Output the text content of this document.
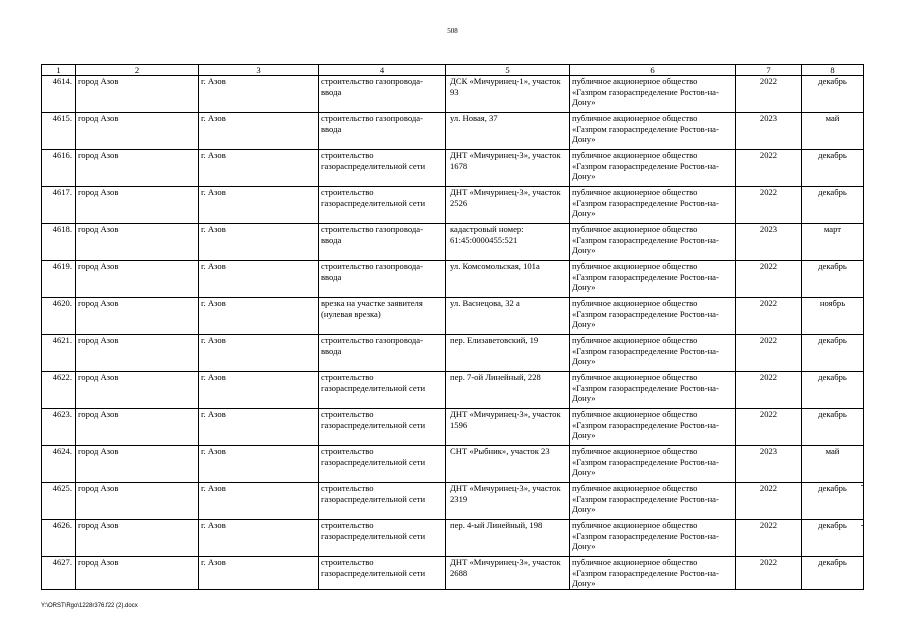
508
1	2	3	4	5	6	7	8
4614.	город Азов	г. Азов	строительство газопровода-ввода	ДСК «Мичуринец-1», участок 93	публичное акционерное общество «Газпром газораспределение Ростов-на-Дону»	2022	декабрь
4615.	город Азов	г. Азов	строительство газопровода-ввода	ул. Новая, 37	публичное акционерное общество «Газпром газораспределение Ростов-на-Дону»	2023	май
4616.	город Азов	г. Азов	строительство газораспределительной сети	ДНТ «Мичуринец-3», участок 1678	публичное акционерное общество «Газпром газораспределение Ростов-на-Дону»	2022	декабрь
4617.	город Азов	г. Азов	строительство газораспределительной сети	ДНТ «Мичуринец-3», участок 2526	публичное акционерное общество «Газпром газораспределение Ростов-на-Дону»	2022	декабрь
4618.	город Азов	г. Азов	строительство газопровода-ввода	кадастровый номер: 61:45:0000455:521	публичное акционерное общество «Газпром газораспределение Ростов-на-Дону»	2023	март
4619.	город Азов	г. Азов	строительство газопровода-ввода	ул. Комсомольская, 101а	публичное акционерное общество «Газпром газораспределение Ростов-на-Дону»	2022	декабрь
4620.	город Азов	г. Азов	врезка на участке заявителя (нулевая врезка)	ул. Васнецова, 32 а	публичное акционерное общество «Газпром газораспределение Ростов-на-Дону»	2022	ноябрь
4621.	город Азов	г. Азов	строительство газопровода-ввода	пер. Елизаветовский, 19	публичное акционерное общество «Газпром газораспределение Ростов-на-Дону»	2022	декабрь
4622.	город Азов	г. Азов	строительство газораспределительной сети	пер. 7-ой Линейный, 228	публичное акционерное общество «Газпром газораспределение Ростов-на-Дону»	2022	декабрь
4623.	город Азов	г. Азов	строительство газораспределительной сети	ДНТ «Мичуринец-3», участок 1596	публичное акционерное общество «Газпром газораспределение Ростов-на-Дону»	2022	декабрь
4624.	город Азов	г. Азов	строительство газораспределительной сети	СНТ «Рыбник», участок 23	публичное акционерное общество «Газпром газораспределение Ростов-на-Дону»	2023	май
4625.	город Азов	г. Азов	строительство газораспределительной сети	ДНТ «Мичуринец-3», участок 2319	публичное акционерное общество «Газпром газораспределение Ростов-на-Дону»	2022	декабрь
4626.	город Азов	г. Азов	строительство газораспределительной сети	пер. 4-ый Линейный, 198	публичное акционерное общество «Газпром газораспределение Ростов-на-Дону»	2022	декабрь
4627.	город Азов	г. Азов	строительство газораспределительной сети	ДНТ «Мичуринец-3», участок 2688	публичное акционерное общество «Газпром газораспределение Ростов-на-Дону»	2022	декабрь
Y:\ORST\Rgo\1228r376.f22 (2).docx
